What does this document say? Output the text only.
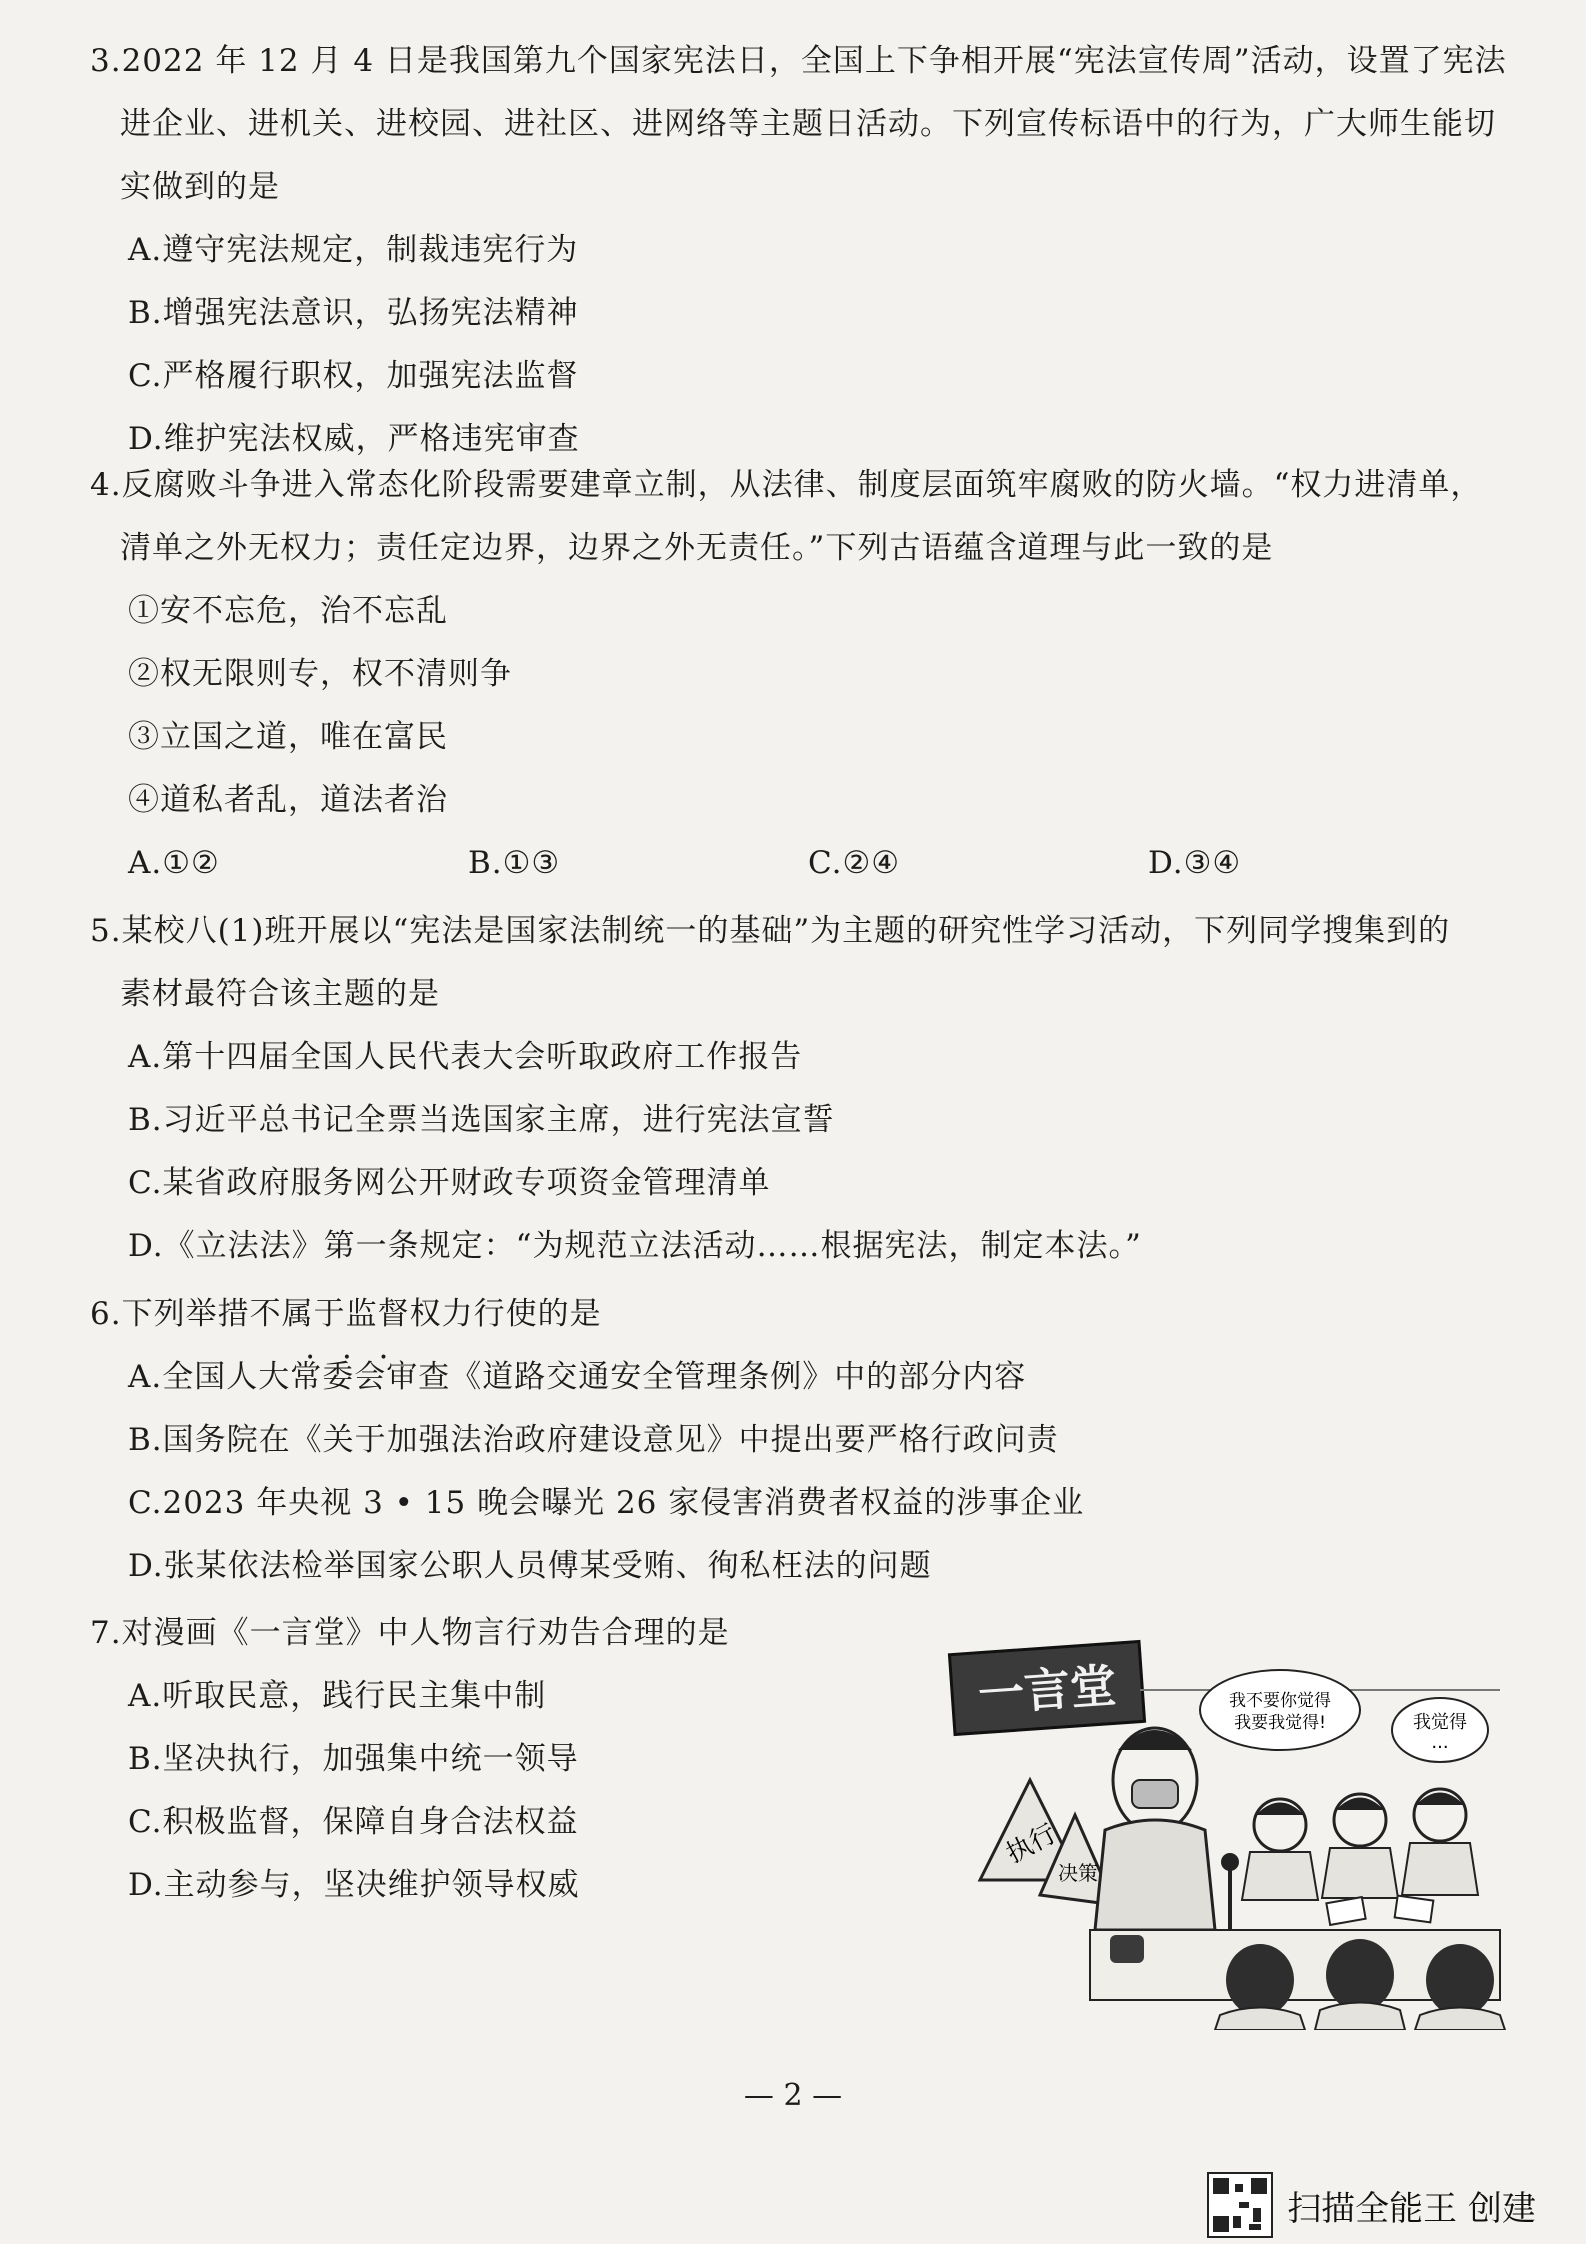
3.2022 年 12 月 4 日是我国第九个国家宪法日，全国上下争相开展“宪法宣传周”活动，设置了宪法

进企业、进机关、进校园、进社区、进网络等主题日活动。下列宣传标语中的行为，广大师生能切
实做到的是

A.遵守宪法规定，制裁违宪行为

B.增强宪法意识，弘扬宪法精神

C.严格履行职权，加强宪法监督

D.维护宪法权威，严格违宪审查

4.反腐败斗争进入常态化阶段需要建章立制，从法律、制度层面筑牢腐败的防火墙。“权力进清单，

清单之外无权力；责任定边界，边界之外无责任。”下列古语蕴含道理与此一致的是

①安不忘危，治不忘乱

②权无限则专，权不清则争

③立国之道，唯在富民

④道私者乱，道法者治

A.①②	B.①③	C.②④	D.③④

5.某校八(1)班开展以“宪法是国家法制统一的基础”为主题的研究性学习活动，下列同学搜集到的

素材最符合该主题的是

A.第十四届全国人民代表大会听取政府工作报告

B.习近平总书记全票当选国家主席，进行宪法宣誓

C.某省政府服务网公开财政专项资金管理清单

D.《立法法》第一条规定：“为规范立法活动……根据宪法，制定本法。”

6.下列举措不属于监督权力行使的是 • • •

A.全国人大常委会审查《道路交通安全管理条例》中的部分内容

B.国务院在《关于加强法治政府建设意见》中提出要严格行政问责

C.2023 年央视 3 • 15 晚会曝光 26 家侵害消费者权益的涉事企业

D.张某依法检举国家公职人员傅某受贿、徇私枉法的问题

7.对漫画《一言堂》中人物言行劝告合理的是

A.听取民意，践行民主集中制

B.坚决执行，加强集中统一领导

C.积极监督，保障自身合法权益

D.主动参与，坚决维护领导权威

一言堂
执行
决策
我不要你觉得
我要我觉得!	我觉得
...
— 2 —
扫描全能王 创建
